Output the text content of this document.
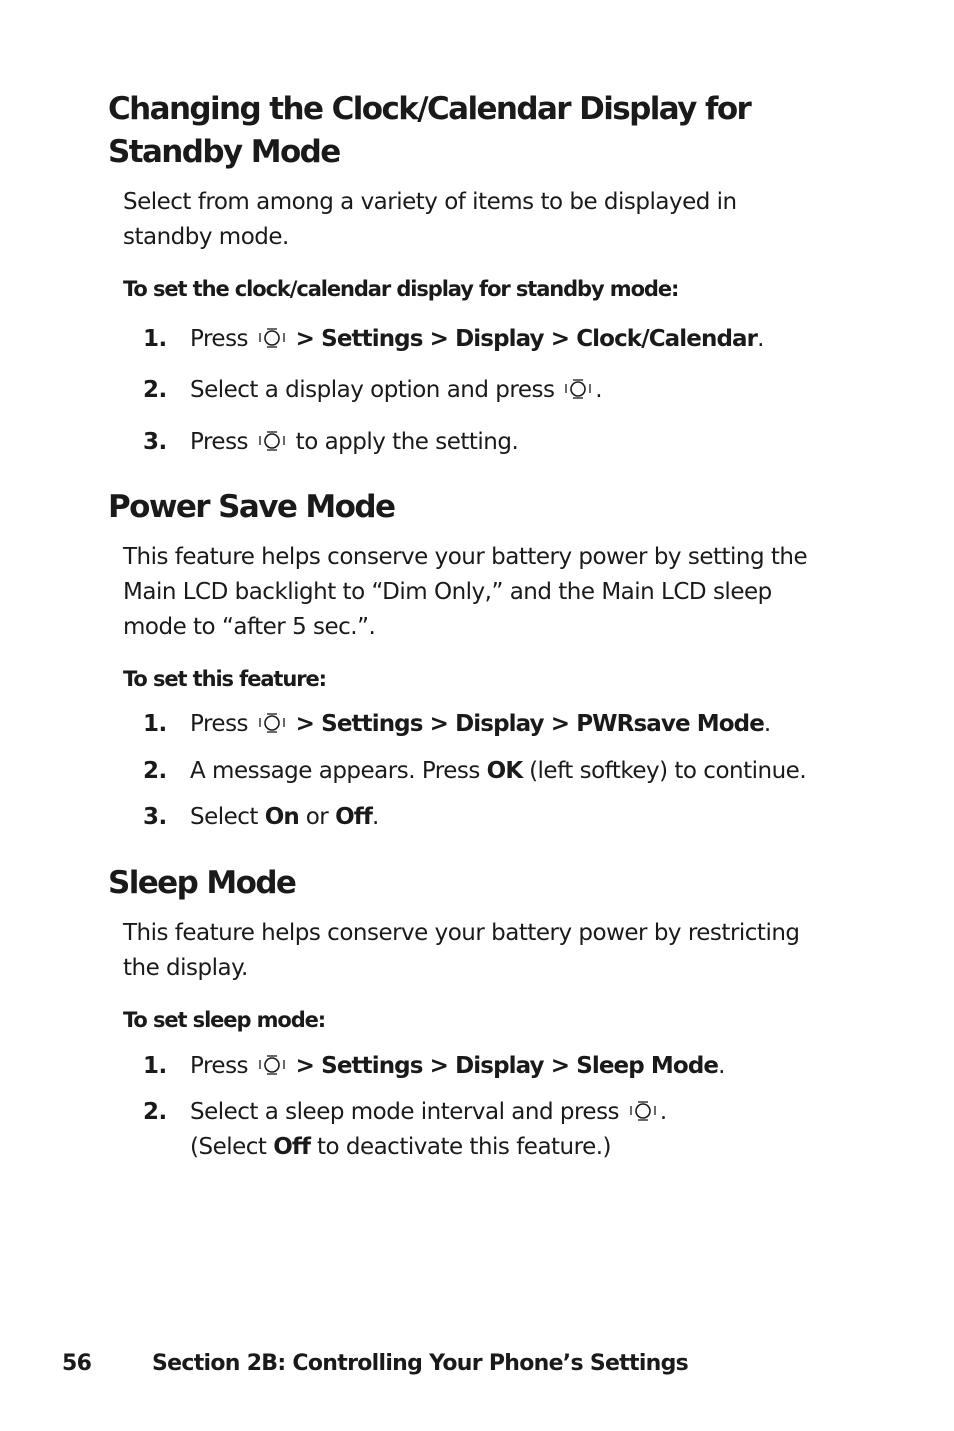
Changing the Clock/Calendar Display for
Standby Mode

Select from among a variety of items to be displayed in
standby mode.

To set the clock/calendar display for standby mode:

1. Press > Settings > Display > Clock/Calendar.
2. Select a display option and press .
3. Press to apply the setting.
Power Save Mode

This feature helps conserve your battery power by setting the
Main LCD backlight to “Dim Only,” and the Main LCD sleep
mode to “after 5 sec.”.

To set this feature:

1. Press > Settings > Display > PWRsave Mode.
2. A message appears. Press OK (left softkey) to continue.
3. Select On or Off.
Sleep Mode

This feature helps conserve your battery power by restricting
the display.

To set sleep mode:

1. Press > Settings > Display > Sleep Mode.
2. Select a sleep mode interval and press .
(Select Off to deactivate this feature.)
56	Section 2B: Controlling Your Phone’s Settings
